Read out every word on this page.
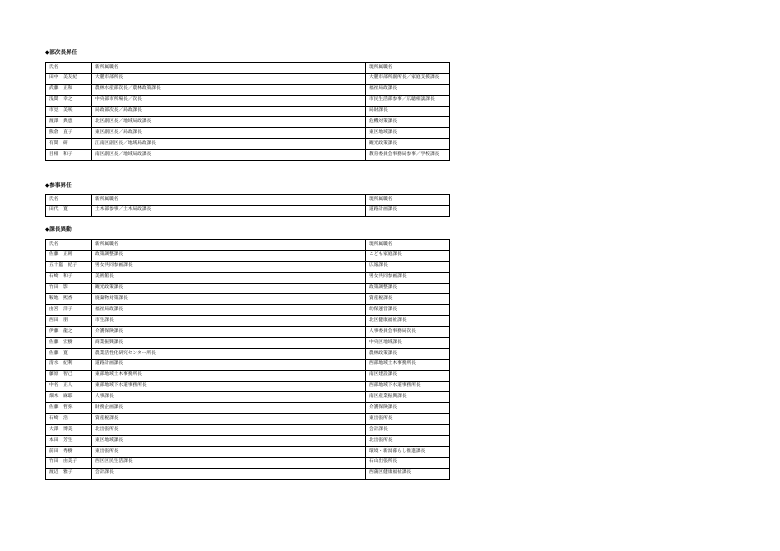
◆部次長昇任
氏名	新所属職名	現所属職名
田中　美友紀	大麓市部所長	大麓市部所副所長／家庭支援課長
武藤　正和	農林水産部次長／農林政策課長	福祉局政課長
浅間　幸之	中央部市所場長／次長	市民生活部参事／広聴相談課長
市見　美咲	局政部次長／局政課長	局財課長
渡澤　典恵	北区副区長／地域局政課長	危機対策課長
熊倉　直子	東区副区長／局政課長	東区地域課長
有間　研	江南区副区長／地域局政課長	観光政策課長
目相　和子	南区副区長／地域局政課長	教育委員会事務局参事／学校課長
◆参事昇任
氏名	新所属職名	現所属職名
田代　寛	土木部参事／土木局政課長	道路計画課長
◆課長異動
氏名	新所属職名	現所属職名
佐藤　正則	政策調整課長	こども家庭課長
五十嵐　紀子	男女共同参画課長	広報課長
石崎　和子	美術館長	男女共同参画課長
竹田　影	観光政策課長	政策調整課長
鞍地　熙香	廃棄物対策課長	資産税課長
由宮　洋子	福祉局政課長	幼保運営課長
西田　朋	市生課長	北区健康福祉課長
伊藤　龍之	介護保険課長	人事委員会事務局次長
佐藤　宏樹	商業振興課長	中央区地域課長
佐藤　寛	農業活性化研究センター所長	農林政策課長
清水　紀利	道路計画課長	西部地域土木事務所長
藤原　智己	東部地域土木事務所長	南区建設課長
中名　正人	東部地域下水道事務所長	西部地域下水道事務所長
畑木　麻耶	人事課長	南区産業振興課長
佐藤　哲弥	財務企画課長	介護保険課長
石崎　浩	資産税課長	東出張所長
大澤　博美	北出張所長	会計課長
本田　芳生	東区地域課長	北出張所長
前田　秀樹	東出張所長	環境・新潟暮らし推進課長
竹田　由美子	西区区民生活課長	石山出張所長
渡辺　雅子	会計課長	西蒲区健康福祉課長
